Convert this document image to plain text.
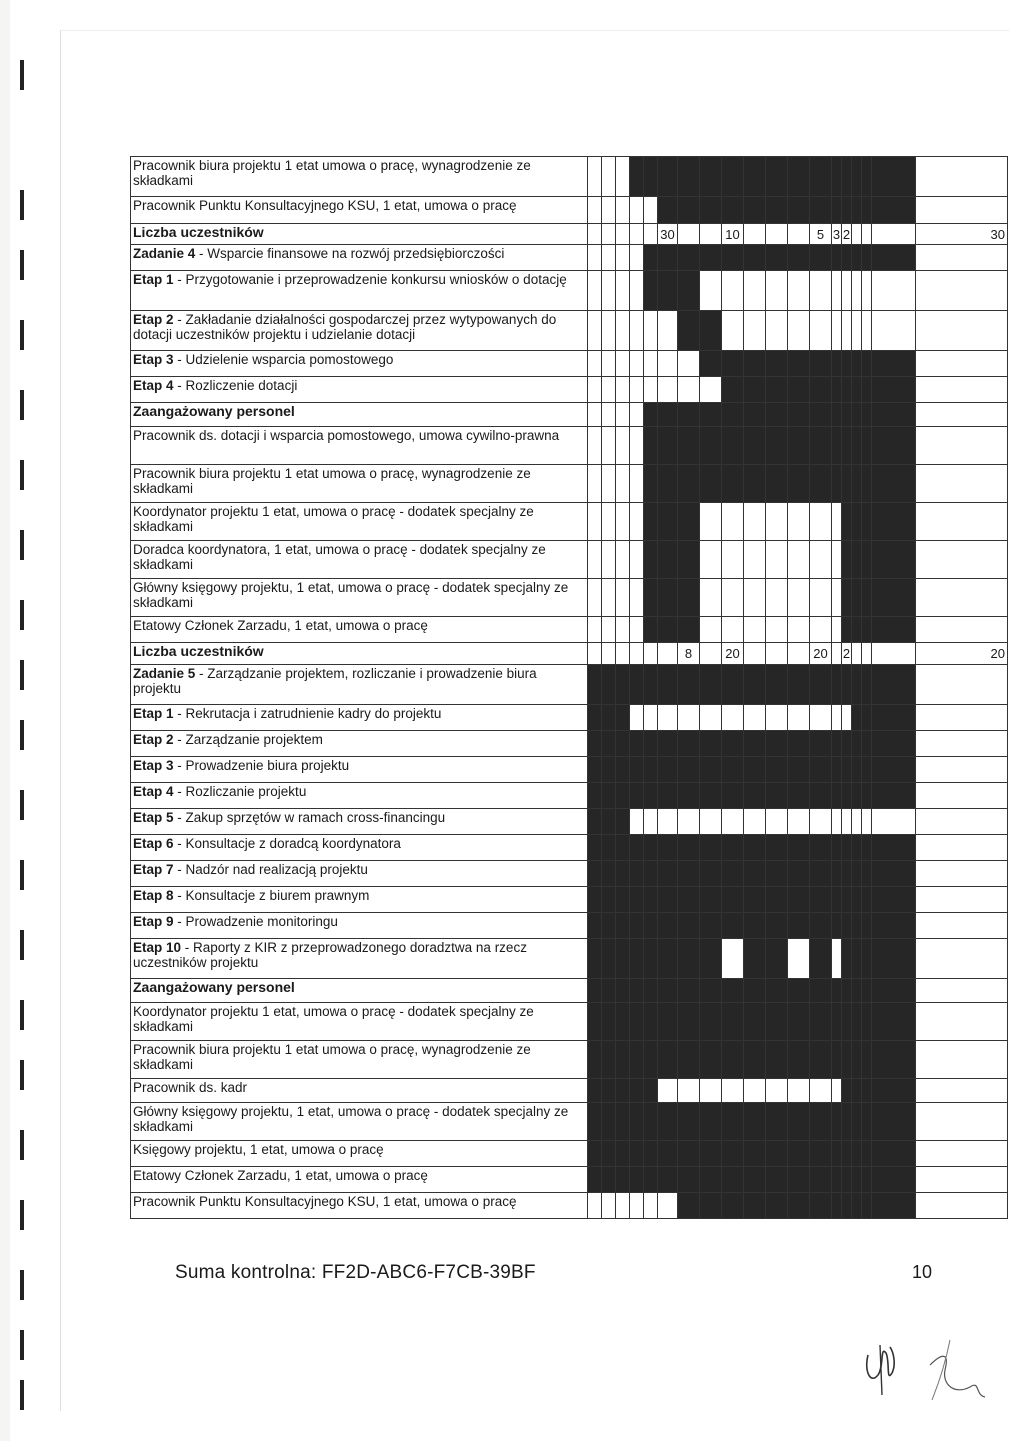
Pracownik biura projektu 1 etat umowa o pracę, wynagrodzenie ze składkami																			
Pracownik Punktu Konsultacyjnego KSU, 1 etat, umowa o pracę																			
Liczba uczestników						30			10				5	3	2				30
Zadanie 4 - Wsparcie finansowe na rozwój przedsiębiorczości																			
Etap 1 - Przygotowanie i przeprowadzenie konkursu wniosków o dotację																			
Etap 2 - Zakładanie działalności gospodarczej przez wytypowanych do dotacji uczestników projektu i udzielanie dotacji																			
Etap 3 - Udzielenie wsparcia pomostowego																			
Etap 4 - Rozliczenie dotacji																			
Zaangażowany personel																			
Pracownik ds. dotacji i wsparcia pomostowego, umowa cywilno-prawna																			
Pracownik biura projektu 1 etat umowa o pracę, wynagrodzenie ze składkami																			
Koordynator projektu 1 etat, umowa o pracę - dodatek specjalny ze składkami																			
Doradca koordynatora, 1 etat, umowa o pracę - dodatek specjalny ze składkami																			
Główny księgowy projektu, 1 etat, umowa o pracę - dodatek specjalny ze składkami																			
Etatowy Członek Zarzadu, 1 etat, umowa o pracę																			
Liczba uczestników							8		20				20		2				20
Zadanie 5 - Zarządzanie projektem, rozliczanie i prowadzenie biura projektu																			
Etap 1 - Rekrutacja i zatrudnienie kadry do projektu																			
Etap 2 - Zarządzanie projektem																			
Etap 3 - Prowadzenie biura projektu																			
Etap 4 - Rozliczanie projektu																			
Etap 5 - Zakup sprzętów w ramach cross-financingu																			
Etap 6 - Konsultacje z doradcą koordynatora																			
Etap 7 - Nadzór nad realizacją projektu																			
Etap 8 - Konsultacje z biurem prawnym																			
Etap 9 - Prowadzenie monitoringu																			
Etap 10 - Raporty z KIR z przeprowadzonego doradztwa na rzecz uczestników projektu																			
Zaangażowany personel																			
Koordynator projektu 1 etat, umowa o pracę - dodatek specjalny ze składkami																			
Pracownik biura projektu 1 etat umowa o pracę, wynagrodzenie ze składkami																			
Pracownik ds. kadr																			
Główny księgowy projektu, 1 etat, umowa o pracę - dodatek specjalny ze składkami																			
Księgowy projektu, 1 etat, umowa o pracę																			
Etatowy Członek Zarzadu, 1 etat, umowa o pracę																			
Pracownik Punktu Konsultacyjnego KSU, 1 etat, umowa o pracę																			
Suma kontrolna: FF2D-ABC6-F7CB-39BF	10
